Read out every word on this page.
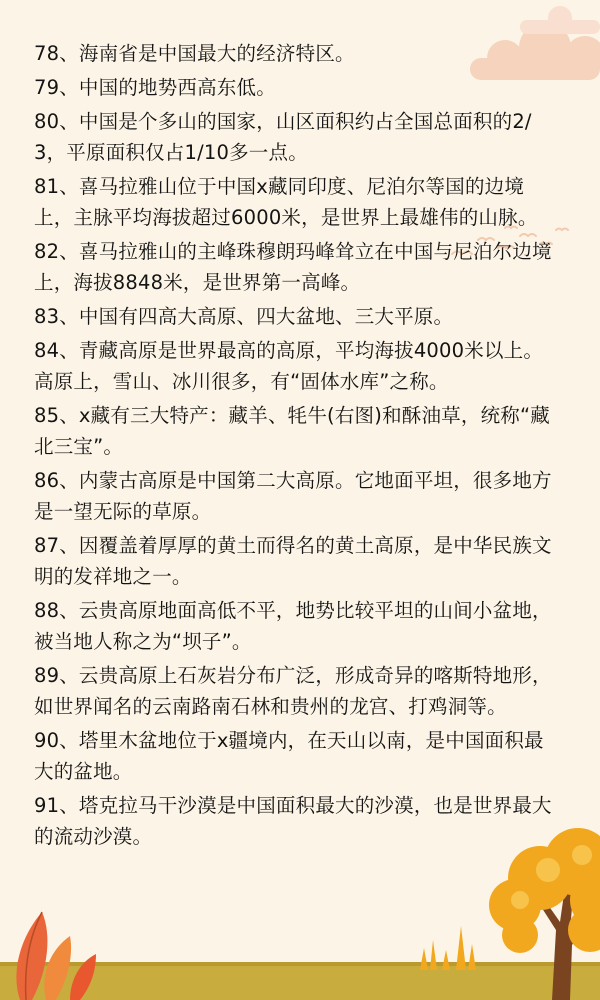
78、海南省是中国最大的经济特区。

79、中国的地势西高东低。

80、中国是个多山的国家，山区面积约占全国总面积的2/3，平原面积仅占1/10多一点。

81、喜马拉雅山位于中国x藏同印度、尼泊尔等国的边境上，主脉平均海拔超过6000米，是世界上最雄伟的山脉。

82、喜马拉雅山的主峰珠穆朗玛峰耸立在中国与尼泊尔边境上，海拔8848米，是世界第一高峰。

83、中国有四高大高原、四大盆地、三大平原。

84、青藏高原是世界最高的高原，平均海拔4000米以上。高原上，雪山、冰川很多，有“固体水库”之称。

85、x藏有三大特产：藏羊、牦牛(右图)和酥油草，统称“藏北三宝”。

86、内蒙古高原是中国第二大高原。它地面平坦，很多地方是一望无际的草原。

87、因覆盖着厚厚的黄土而得名的黄土高原，是中华民族文明的发祥地之一。

88、云贵高原地面高低不平，地势比较平坦的山间小盆地，被当地人称之为“坝子”。

89、云贵高原上石灰岩分布广泛，形成奇异的喀斯特地形，如世界闻名的云南路南石林和贵州的龙宫、打鸡洞等。

90、塔里木盆地位于x疆境内，在天山以南，是中国面积最大的盆地。

91、塔克拉马干沙漠是中国面积最大的沙漠，也是世界最大的流动沙漠。
